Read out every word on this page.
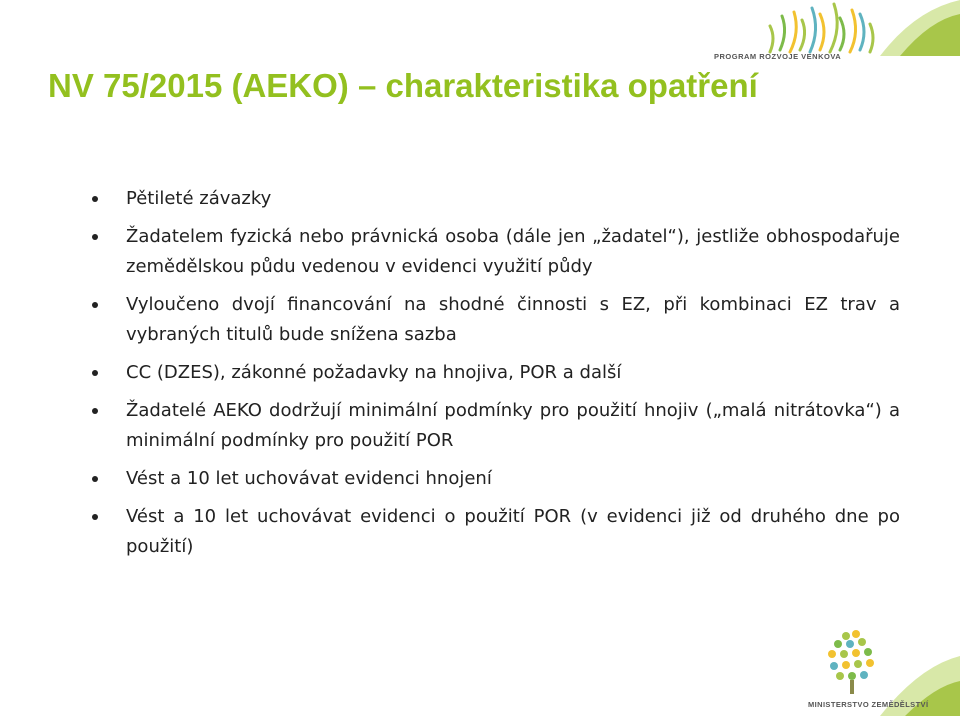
PROGRAM ROZVOJE VENKOVA
NV 75/2015 (AEKO) – charakteristika opatření
Pětileté závazky
Žadatelem fyzická nebo právnická osoba (dále jen „žadatel“), jestliže obhospodařuje zemědělskou půdu vedenou v evidenci využití půdy
Vyloučeno dvojí financování na shodné činnosti s EZ, při kombinaci EZ trav a vybraných titulů bude snížena sazba
CC (DZES), zákonné požadavky na hnojiva, POR a další
Žadatelé AEKO dodržují minimální podmínky pro použití hnojiv („malá nitrátovka“) a minimální podmínky pro použití POR
Vést a 10 let uchovávat evidenci hnojení
Vést a 10 let uchovávat evidenci o použití POR (v evidenci již od druhého dne po použití)
MINISTERSTVO ZEMĚDĚLSTVÍ
